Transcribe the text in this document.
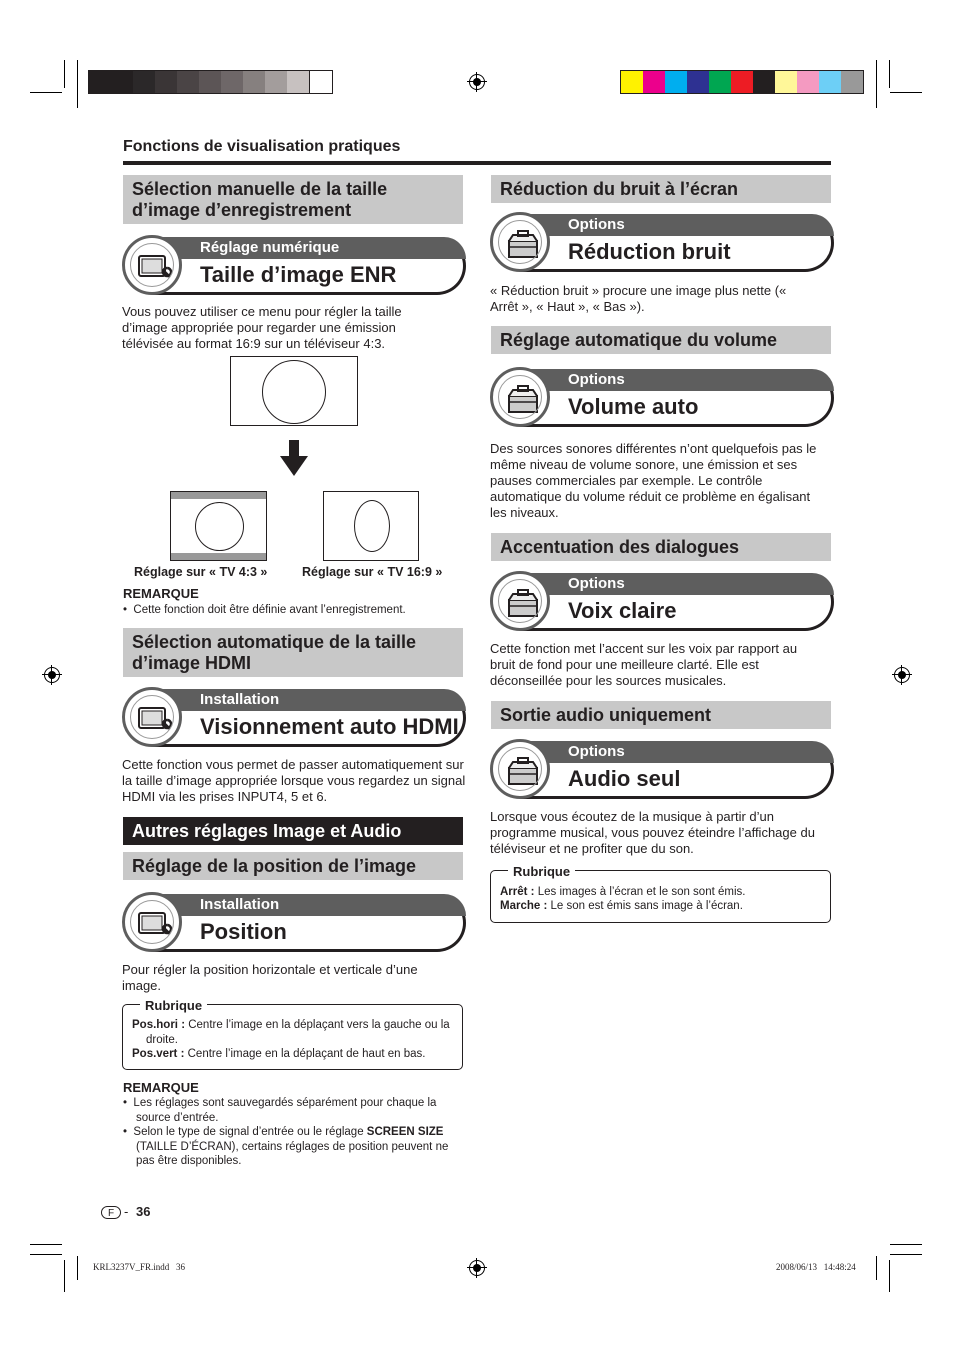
Fonctions de visualisation pratiques
Sélection manuelle de la taille d’image d’enregistrement
Réglage numérique
Taille d’image ENR
Vous pouvez utiliser ce menu pour régler la taille d’image appropriée pour regarder une émission télévisée au format 16:9 sur un téléviseur 4:3.
Réglage sur « TV 4:3 »	Réglage sur « TV 16:9 »
REMARQUE
•  Cette fonction doit être définie avant l’enregistrement.
Sélection automatique de la taille d’image HDMI
Installation
Visionnement auto HDMI
Cette fonction vous permet de passer automatiquement sur la taille d’image appropriée lorsque vous regardez un signal HDMI via les prises INPUT4, 5 et 6.
Autres réglages Image et Audio
Réglage de la position de l’image
Installation
Position
Pour régler la position horizontale et verticale d’une image.
Rubrique
Pos.hori : Centre l’image en la déplaçant vers la gauche ou la droite.
Pos.vert : Centre l’image en la déplaçant de haut en bas.
REMARQUE
•  Les réglages sont sauvegardés séparément pour chaque la source d’entrée.
•  Selon le type de signal d’entrée ou le réglage SCREEN SIZE (TAILLE D’ÉCRAN), certains réglages de position peuvent ne pas être disponibles.
Réduction du bruit à l’écran
Options
Réduction bruit
« Réduction bruit » procure une image plus nette (« Arrêt », « Haut », « Bas »).
Réglage automatique du volume
Options
Volume auto
Des sources sonores différentes n’ont quelquefois pas le même niveau de volume sonore, une émission et ses pauses commerciales par exemple. Le contrôle automatique du volume réduit ce problème en égalisant les niveaux.
Accentuation des dialogues
Options
Voix claire
Cette fonction met l’accent sur les voix par rapport au bruit de fond pour une meilleure clarté. Elle est déconseillée pour les sources musicales.
Sortie audio uniquement
Options
Audio seul
Lorsque vous écoutez de la musique à partir d’un programme musical, vous pouvez éteindre l’affichage du téléviseur et ne profiter que du son.
Rubrique
Arrêt : Les images à l’écran et le son sont émis.
Marche : Le son est émis sans image à l’écran.
F - 36
KRL3237V_FR.indd   36	2008/06/13   14:48:24
